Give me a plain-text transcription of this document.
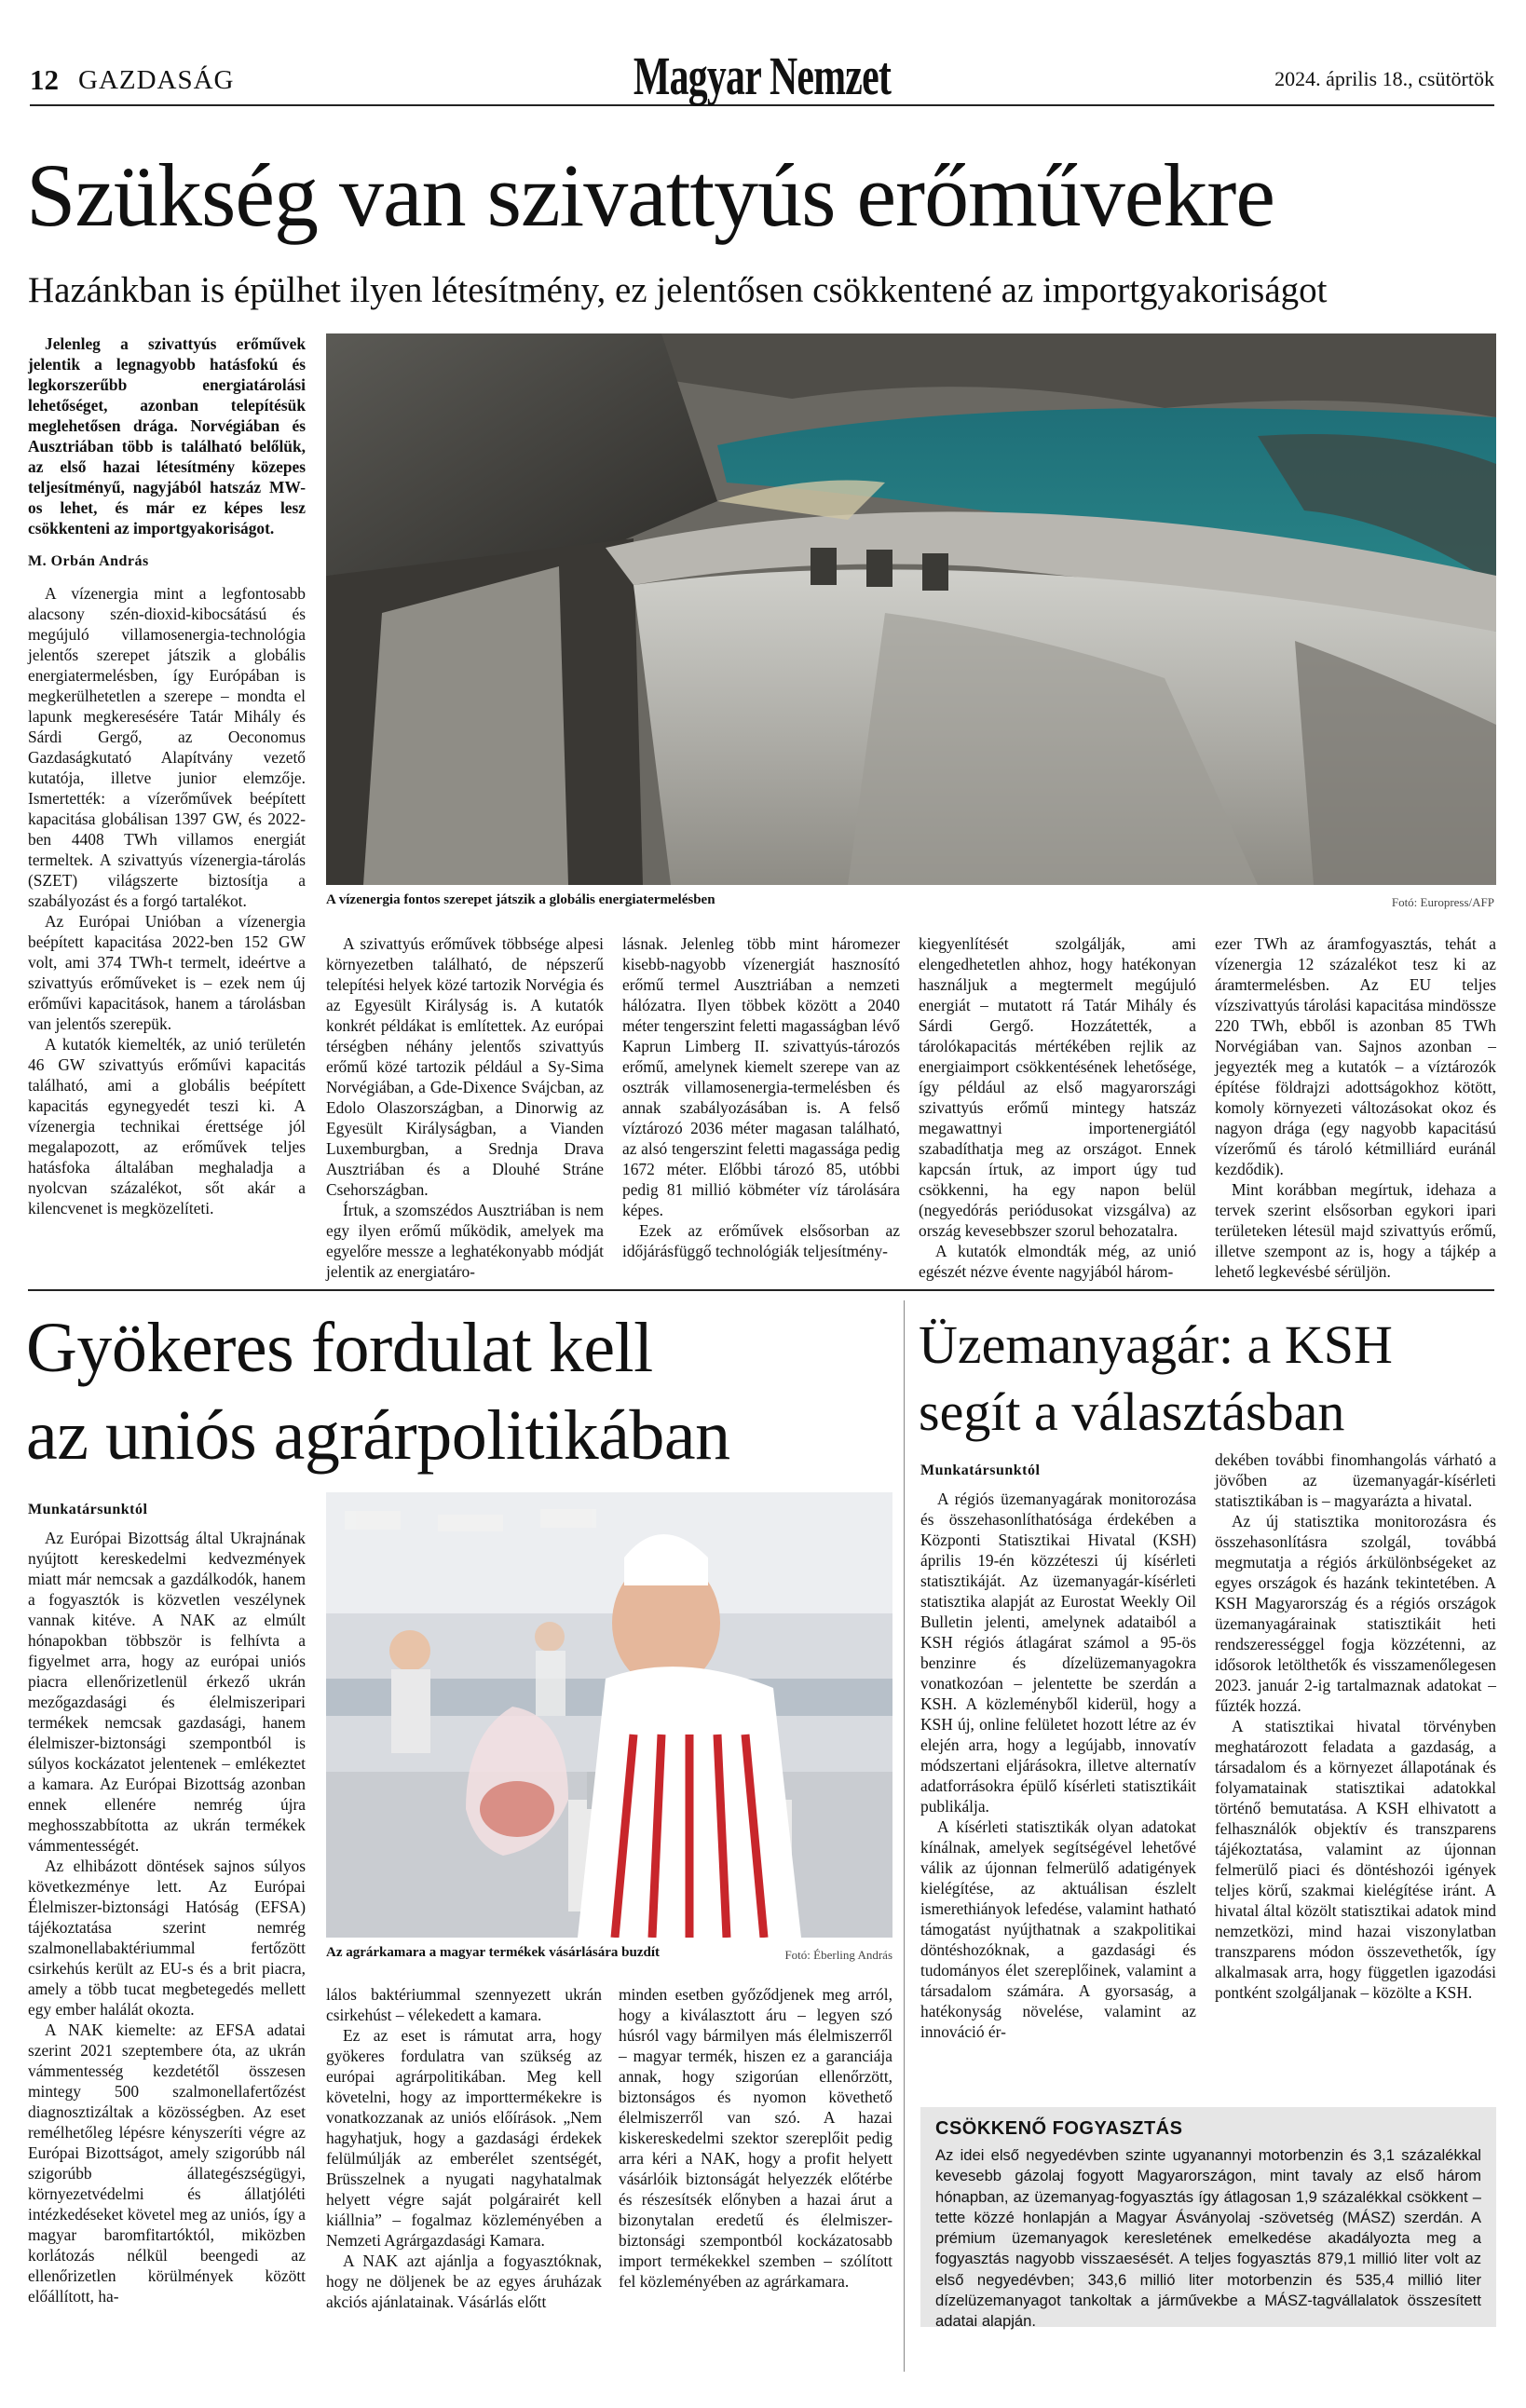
12 GAZDASÁG	Magyar Nemzet	2024. április 18., csütörtök
Szükség van szivattyús erőművekre
Hazánkban is épülhet ilyen létesítmény, ez jelentősen csökkentené az importgyakoriságot

Jelenleg a szivattyús erőművek jelentik a legnagyobb hatásfokú és legkorszerűbb energiatárolási lehetőséget, azonban telepítésük meglehetősen drága. Norvégiában és Ausztriában több is található belőlük, az első hazai létesítmény közepes teljesítményű, nagyjából hatszáz MW-os lehet, és már ez képes lesz csökkenteni az importgyakoriságot.

M. Orbán András

A vízenergia mint a legfontosabb alacsony szén-dioxid-kibocsátású és megújuló villamosenergia-technológia jelentős szerepet játszik a globális energiatermelésben, így Európában is megkerülhetetlen a szerepe – mondta el lapunk megkeresésére Tatár Mihály és Sárdi Gergő, az Oeconomus Gazdaságkutató Alapítvány vezető kutatója, illetve junior elemzője. Ismertették: a vízerőművek beépített kapacitása globálisan 1397 GW, és 2022-ben 4408 TWh villamos energiát termeltek. A szivattyús vízenergia-tárolás (SZET) világszerte biztosítja a szabályozást és a forgó tartalékot.

Az Európai Unióban a vízenergia beépített kapacitása 2022-ben 152 GW volt, ami 374 TWh-t termelt, ideértve a szivattyús erőműveket is – ezek nem új erőművi kapacitások, hanem a tárolásban van jelentős szerepük.

A kutatók kiemelték, az unió területén 46 GW szivattyús erőművi kapacitás található, ami a globális beépített kapacitás egynegyedét teszi ki. A vízenergia technikai érettsége jól megalapozott, az erőművek teljes hatásfoka általában meghaladja a nyolcvan százalékot, sőt akár a kilencvenet is megközelíteti.

A vízenergia fontos szerepet játszik a globális energiatermelésben	Fotó: Europress/AFP

A szivattyús erőművek többsége alpesi környezetben található, de népszerű telepítési helyek közé tartozik Norvégia és az Egyesült Királyság is. A kutatók konkrét példákat is említettek. Az európai térségben néhány jelentős szivattyús erőmű közé tartozik például a Sy-Sima Norvégiában, a Gde-Dixence Svájcban, az Edolo Olaszországban, a Dinorwig az Egyesült Királyságban, a Vianden Luxemburgban, a Srednja Drava Ausztriában és a Dlouhé Stráne Csehországban.

Írtuk, a szomszédos Ausztriában is nem egy ilyen erőmű működik, amelyek ma egyelőre messze a leghatékonyabb módját jelentik az energiatáro-

lásnak. Jelenleg több mint háromezer kisebb-nagyobb vízenergiát hasznosító erőmű termel Ausztriában a nemzeti hálózatra. Ilyen többek között a 2040 méter tengerszint feletti magasságban lévő Kaprun Limberg II. szivattyús-tározós erőmű, amelynek kiemelt szerepe van az osztrák villamosenergia-termelésben és annak szabályozásában is. A felső víztározó 2036 méter magasan található, az alsó tengerszint feletti magassága pedig 1672 méter. Előbbi tározó 85, utóbbi pedig 81 millió köbméter víz tárolására képes.

Ezek az erőművek elsősorban az időjárásfüggő technológiák teljesítmény-

kiegyenlítését szolgálják, ami elengedhetetlen ahhoz, hogy hatékonyan használjuk a megtermelt megújuló energiát – mutatott rá Tatár Mihály és Sárdi Gergő. Hozzátették, a tárolókapacitás mértékében rejlik az energiaimport csökkentésének lehetősége, így például az első magyarországi szivattyús erőmű mintegy hatszáz megawattnyi importenergiától szabadíthatja meg az országot. Ennek kapcsán írtuk, az import úgy tud csökkenni, ha egy napon belül (negyedórás periódusokat vizsgálva) az ország kevesebbszer szorul behozatalra.

A kutatók elmondták még, az unió egészét nézve évente nagyjából három-

ezer TWh az áramfogyasztás, tehát a vízenergia 12 százalékot tesz ki az áramtermelésben. Az EU teljes vízszivattyús tárolási kapacitása mindössze 220 TWh, ebből is azonban 85 TWh Norvégiában van. Sajnos azonban – jegyezték meg a kutatók – a víztározók építése földrajzi adottságokhoz kötött, komoly környezeti változásokat okoz és nagyon drága (egy nagyobb kapacitású vízerőmű és tároló kétmilliárd euránál kezdődik).

Mint korábban megírtuk, idehaza a tervek szerint elsősorban egykori ipari területeken létesül majd szivattyús erőmű, illetve szempont az is, hogy a tájkép a lehető legkevésbé sérüljön.

Gyökeres fordulat kell
az uniós agrárpolitikában
Munkatársunktól

Az Európai Bizottság által Ukrajnának nyújtott kereskedelmi kedvezmények miatt már nemcsak a gazdálkodók, hanem a fogyasztók is közvetlen veszélynek vannak kitéve. A NAK az elmúlt hónapokban többször is felhívta a figyelmet arra, hogy az európai uniós piacra ellenőrizetlenül érkező ukrán mezőgazdasági és élelmiszeripari termékek nemcsak gazdasági, hanem élelmiszer-biztonsági szempontból is súlyos kockázatot jelentenek – emlékeztet a kamara. Az Európai Bizottság azonban ennek ellenére nemrég újra meghosszabbította az ukrán termékek vámmentességét.

Az elhibázott döntések sajnos súlyos következménye lett. Az Európai Élelmiszer-biztonsági Hatóság (EFSA) tájékoztatása szerint nemrég szalmonellabaktériummal fertőzött csirkehús került az EU-s és a brit piacra, amely a több tucat megbetegedés mellett egy ember halálát okozta.

A NAK kiemelte: az EFSA adatai szerint 2021 szeptembere óta, az ukrán vámmentesség kezdetétől összesen mintegy 500 szalmonellafertőzést diagnosztizáltak a közösségben. Az eset remélhetőleg lépésre kényszeríti végre az Európai Bizottságot, amely szigorúbb nál szigorúbb állategészségügyi, környezetvédelmi és állatjóléti intézkedéseket követel meg az uniós, így a magyar baromfitartóktól, miközben korlátozás nélkül beengedi az ellenőrizetlen körülmények között előállított, ha-

Az agrárkamara a magyar termékek vásárlására buzdít	Fotó: Éberling András

lálos baktériummal szennyezett ukrán csirkehúst – vélekedett a kamara.

Ez az eset is rámutat arra, hogy gyökeres fordulatra van szükség az európai agrárpolitikában. Meg kell követelni, hogy az importtermékekre is vonatkozzanak az uniós előírások. „Nem hagyhatjuk, hogy a gazdasági érdekek felülmúlják az emberélet szentségét, Brüsszelnek a nyugati nagyhatalmak helyett végre saját polgárairét kell kiállnia” – fogalmaz közleményében a Nemzeti Agrárgazdasági Kamara.

A NAK azt ajánlja a fogyasztóknak, hogy ne döljenek be az egyes áruházak akciós ajánlatainak. Vásárlás előtt

minden esetben győződjenek meg arról, hogy a kiválasztott áru – legyen szó húsról vagy bármilyen más élelmiszerről – magyar termék, hiszen ez a garanciája annak, hogy szigorúan ellenőrzött, biztonságos és nyomon követhető élelmiszerről van szó. A hazai kiskereskedelmi szektor szereplőit pedig arra kéri a NAK, hogy a profit helyett vásárlóik biztonságát helyezzék előtérbe és részesítsék előnyben a hazai árut a bizonytalan eredetű és élelmiszer-biztonsági szempontból kockázatosabb import termékekkel szemben – szólított fel közleményében az agrárkamara.

Üzemanyagár: a KSH
segít a választásban
Munkatársunktól

A régiós üzemanyagárak monitorozása és összehasonlíthatósága érdekében a Központi Statisztikai Hivatal (KSH) április 19-én közzéteszi új kísérleti statisztikáját. Az üzemanyagár-kísérleti statisztika alapját az Eurostat Weekly Oil Bulletin jelenti, amelynek adataiból a KSH régiós átlagárat számol a 95-ös benzinre és dízelüzemanyagokra vonatkozóan – jelentette be szerdán a KSH. A közleményből kiderül, hogy a KSH új, online felületet hozott létre az év elején arra, hogy a legújabb, innovatív módszertani eljárásokra, illetve alternatív adatforrásokra épülő kísérleti statisztikáit publikálja.

A kísérleti statisztikák olyan adatokat kínálnak, amelyek segítségével lehetővé válik az újonnan felmerülő adatigények kielégítése, az aktuálisan észlelt ismerethiányok lefedése, valamint hatható támogatást nyújthatnak a szakpolitikai döntéshozóknak, a gazdasági és tudományos élet szereplőinek, valamint a társadalom számára. A gyorsaság, a hatékonyság növelése, valamint az innováció ér-

dekében további finomhangolás várható a jövőben az üzemanyagár-kísérleti statisztikában is – magyarázta a hivatal.

Az új statisztika monitorozásra és összehasonlításra szolgál, továbbá megmutatja a régiós árkülönbségeket az egyes országok és hazánk tekintetében. A KSH Magyarország és a régiós országok üzemanyagárainak statisztikáit heti rendszerességgel fogja közzétenni, az idősorok letölthetők és visszamenőlegesen 2023. január 2-ig tartalmaznak adatokat – fűzték hozzá.

A statisztikai hivatal törvényben meghatározott feladata a gazdaság, a társadalom és a környezet állapotának és folyamatainak statisztikai adatokkal történő bemutatása. A KSH elhivatott a felhasználók objektív és transzparens tájékoztatása, valamint az újonnan felmerülő piaci és döntéshozói igények teljes körű, szakmai kielégítése iránt. A hivatal által közölt statisztikai adatok mind nemzetközi, mind hazai viszonylatban transzparens módon összevethetők, így alkalmasak arra, hogy független igazodási pontként szolgáljanak – közölte a KSH.

CSÖKKENŐ FOGYASZTÁS
Az idei első negyedévben szinte ugyanannyi motorbenzin és 3,1 százalékkal kevesebb gázolaj fogyott Magyarországon, mint tavaly az első három hónapban, az üzemanyag-fogyasztás így átlagosan 1,9 százalékkal csökkent – tette közzé honlapján a Magyar Ásványolaj -szövetség (MÁSZ) szerdán. A prémium üzemanyagok keresletének emelkedése akadályozta meg a fogyasztás nagyobb visszaesését. A teljes fogyasztás 879,1 millió liter volt az első negyedévben; 343,6 millió liter motorbenzin és 535,4 millió liter dízelüzemanyagot tankoltak a járművekbe a MÁSZ-tagvállalatok összesített adatai alapján.
